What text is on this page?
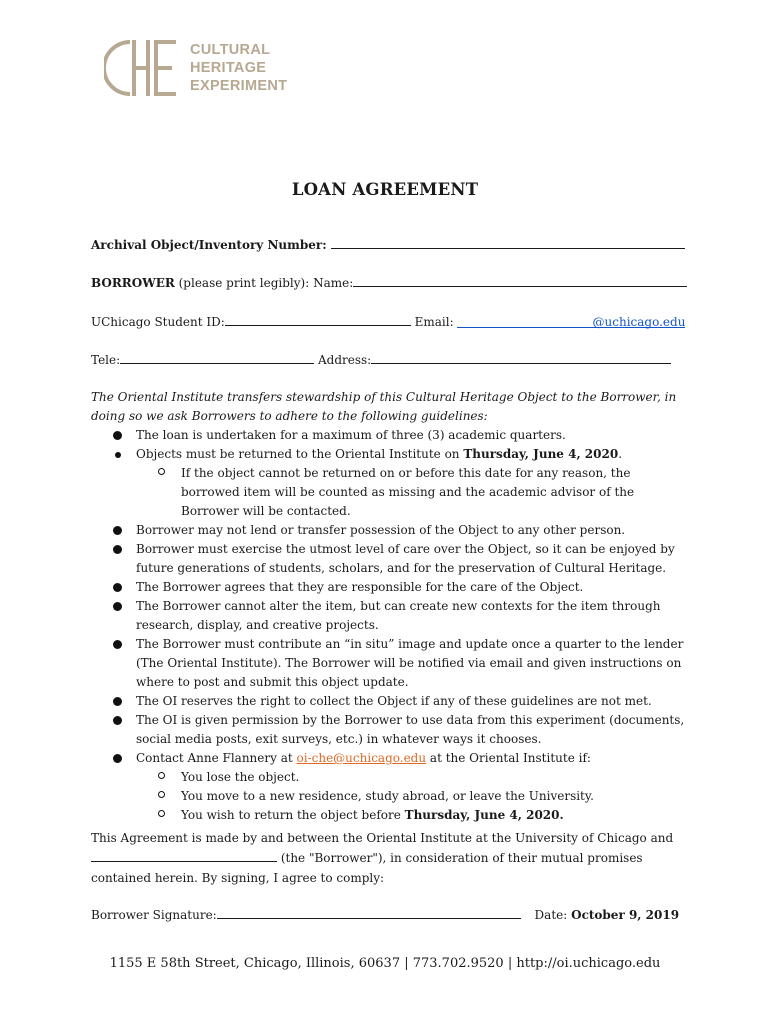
CULTURAL
HERITAGE
EXPERIMENT
LOAN AGREEMENT
Archival Object/Inventory Number:
BORROWER (please print legibly): Name:
UChicago Student ID:	Email:	@uchicago.edu
Tele:	Address:
The Oriental Institute transfers stewardship of this Cultural Heritage Object to the Borrower, in doing so we ask Borrowers to adhere to the following guidelines:
The loan is undertaken for a maximum of three (3) academic quarters.
Objects must be returned to the Oriental Institute on Thursday, June 4, 2020.
If the object cannot be returned on or before this date for any reason, the borrowed item will be counted as missing and the academic advisor of the Borrower will be contacted.
Borrower may not lend or transfer possession of the Object to any other person.
Borrower must exercise the utmost level of care over the Object, so it can be enjoyed by future generations of students, scholars, and for the preservation of Cultural Heritage.
The Borrower agrees that they are responsible for the care of the Object.
The Borrower cannot alter the item, but can create new contexts for the item through research, display, and creative projects.
The Borrower must contribute an “in situ” image and update once a quarter to the lender (The Oriental Institute). The Borrower will be notified via email and given instructions on where to post and submit this object update.
The OI reserves the right to collect the Object if any of these guidelines are not met.
The OI is given permission by the Borrower to use data from this experiment (documents, social media posts, exit surveys, etc.) in whatever ways it chooses.
Contact Anne Flannery at oi-che@uchicago.edu at the Oriental Institute if:
You lose the object.
You move to a new residence, study abroad, or leave the University.
You wish to return the object before Thursday, June 4, 2020.
This Agreement is made by and between the Oriental Institute at the University of Chicago and
(the "Borrower"), in consideration of their mutual promises
contained herein. By signing, I agree to comply:
Borrower Signature:	Date: October 9, 2019
1155 E 58th Street, Chicago, Illinois, 60637 | 773.702.9520 | http://oi.uchicago.edu
